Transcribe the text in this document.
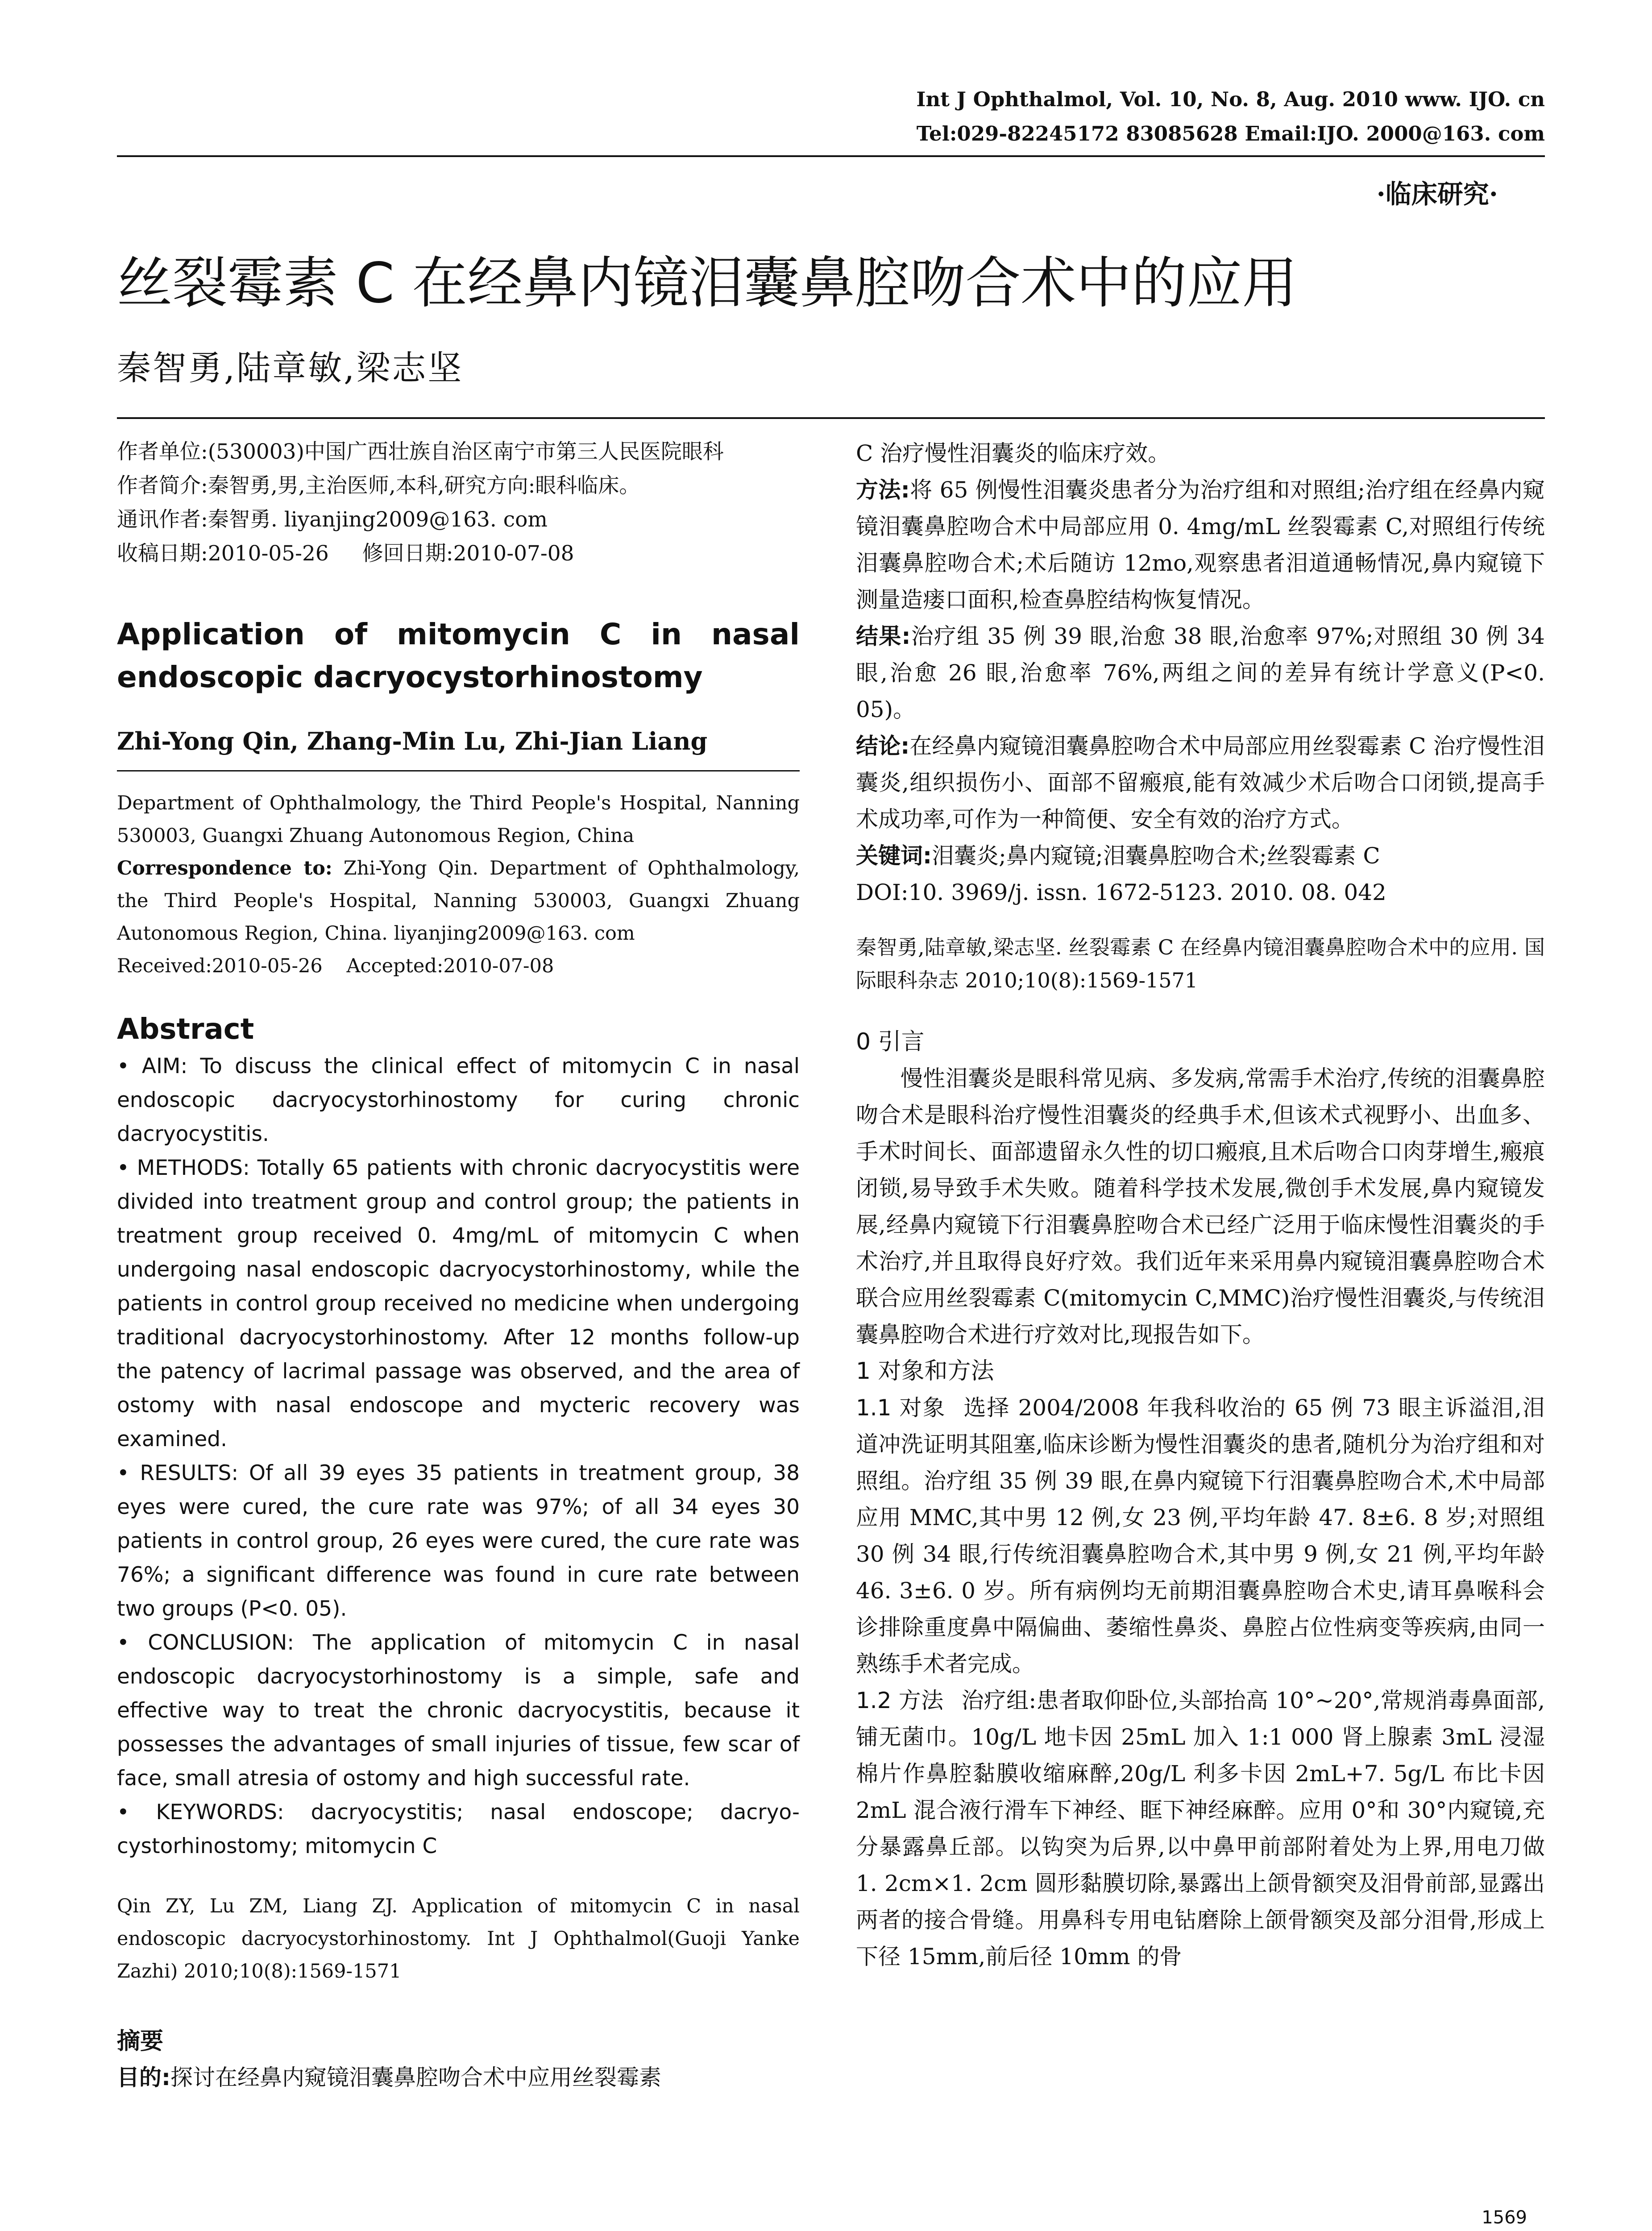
Int J Ophthalmol, Vol. 10, No. 8, Aug. 2010 www. IJO. cn
Tel:029-82245172 83085628 Email:IJO. 2000@163. com
·临床研究·
丝裂霉素 C 在经鼻内镜泪囊鼻腔吻合术中的应用
秦智勇,陆章敏,梁志坚

作者单位:(530003)中国广西壮族自治区南宁市第三人民医院眼科

作者简介:秦智勇,男,主治医师,本科,研究方向:眼科临床。

通讯作者:秦智勇. liyanjing2009@163. com

收稿日期:2010-05-26 修回日期:2010-07-08

Application of mitomycin C in nasal endoscopic dacryocystorhinostomy
Zhi-Yong Qin, Zhang-Min Lu, Zhi-Jian Liang
Department of Ophthalmology, the Third People's Hospital, Nanning 530003, Guangxi Zhuang Autonomous Region, China
Correspondence to: Zhi-Yong Qin. Department of Ophthalmology, the Third People's Hospital, Nanning 530003, Guangxi Zhuang Autonomous Region, China. liyanjing2009@163. com
Received:2010-05-26 Accepted:2010-07-08
Abstract

• AIM: To discuss the clinical effect of mitomycin C in nasal endoscopic dacryocystorhinostomy for curing chronic dacryocystitis.

• METHODS: Totally 65 patients with chronic dacryocystitis were divided into treatment group and control group; the patients in treatment group received 0. 4mg/mL of mitomycin C when undergoing nasal endoscopic dacryocystorhinostomy, while the patients in control group received no medicine when undergoing traditional dacryocystorhinostomy. After 12 months follow-up the patency of lacrimal passage was observed, and the area of ostomy with nasal endoscope and mycteric recovery was examined.

• RESULTS: Of all 39 eyes 35 patients in treatment group, 38 eyes were cured, the cure rate was 97%; of all 34 eyes 30 patients in control group, 26 eyes were cured, the cure rate was 76%; a significant difference was found in cure rate between two groups (P<0. 05).

• CONCLUSION: The application of mitomycin C in nasal endoscopic dacryocystorhinostomy is a simple, safe and effective way to treat the chronic dacryocystitis, because it possesses the advantages of small injuries of tissue, few scar of face, small atresia of ostomy and high successful rate.

• KEYWORDS: dacryocystitis; nasal endoscope; dacryo-cystorhinostomy; mitomycin C

Qin ZY, Lu ZM, Liang ZJ. Application of mitomycin C in nasal endoscopic dacryocystorhinostomy. Int J Ophthalmol(Guoji Yanke Zazhi) 2010;10(8):1569-1571
摘要

目的:探讨在经鼻内窥镜泪囊鼻腔吻合术中应用丝裂霉素

C 治疗慢性泪囊炎的临床疗效。

方法:将 65 例慢性泪囊炎患者分为治疗组和对照组;治疗组在经鼻内窥镜泪囊鼻腔吻合术中局部应用 0. 4mg/mL 丝裂霉素 C,对照组行传统泪囊鼻腔吻合术;术后随访 12mo,观察患者泪道通畅情况,鼻内窥镜下测量造瘘口面积,检查鼻腔结构恢复情况。

结果:治疗组 35 例 39 眼,治愈 38 眼,治愈率 97%;对照组 30 例 34 眼,治愈 26 眼,治愈率 76%,两组之间的差异有统计学意义(P<0. 05)。

结论:在经鼻内窥镜泪囊鼻腔吻合术中局部应用丝裂霉素 C 治疗慢性泪囊炎,组织损伤小、面部不留瘢痕,能有效减少术后吻合口闭锁,提高手术成功率,可作为一种简便、安全有效的治疗方式。

关键词:泪囊炎;鼻内窥镜;泪囊鼻腔吻合术;丝裂霉素 C

DOI:10. 3969/j. issn. 1672-5123. 2010. 08. 042

秦智勇,陆章敏,梁志坚. 丝裂霉素 C 在经鼻内镜泪囊鼻腔吻合术中的应用. 国际眼科杂志 2010;10(8):1569-1571
0 引言

慢性泪囊炎是眼科常见病、多发病,常需手术治疗,传统的泪囊鼻腔吻合术是眼科治疗慢性泪囊炎的经典手术,但该术式视野小、出血多、手术时间长、面部遗留永久性的切口瘢痕,且术后吻合口肉芽增生,瘢痕闭锁,易导致手术失败。随着科学技术发展,微创手术发展,鼻内窥镜发展,经鼻内窥镜下行泪囊鼻腔吻合术已经广泛用于临床慢性泪囊炎的手术治疗,并且取得良好疗效。我们近年来采用鼻内窥镜泪囊鼻腔吻合术联合应用丝裂霉素 C(mitomycin C,MMC)治疗慢性泪囊炎,与传统泪囊鼻腔吻合术进行疗效对比,现报告如下。

1 对象和方法

1.1 对象 选择 2004/2008 年我科收治的 65 例 73 眼主诉溢泪,泪道冲洗证明其阻塞,临床诊断为慢性泪囊炎的患者,随机分为治疗组和对照组。治疗组 35 例 39 眼,在鼻内窥镜下行泪囊鼻腔吻合术,术中局部应用 MMC,其中男 12 例,女 23 例,平均年龄 47. 8±6. 8 岁;对照组 30 例 34 眼,行传统泪囊鼻腔吻合术,其中男 9 例,女 21 例,平均年龄 46. 3±6. 0 岁。所有病例均无前期泪囊鼻腔吻合术史,请耳鼻喉科会诊排除重度鼻中隔偏曲、萎缩性鼻炎、鼻腔占位性病变等疾病,由同一熟练手术者完成。

1.2 方法 治疗组:患者取仰卧位,头部抬高 10°~20°,常规消毒鼻面部,铺无菌巾。10g/L 地卡因 25mL 加入 1:1 000 肾上腺素 3mL 浸湿棉片作鼻腔黏膜收缩麻醉,20g/L 利多卡因 2mL+7. 5g/L 布比卡因 2mL 混合液行滑车下神经、眶下神经麻醉。应用 0°和 30°内窥镜,充分暴露鼻丘部。以钩突为后界,以中鼻甲前部附着处为上界,用电刀做 1. 2cm×1. 2cm 圆形黏膜切除,暴露出上颌骨额突及泪骨前部,显露出两者的接合骨缝。用鼻科专用电钻磨除上颌骨额突及部分泪骨,形成上下径 15mm,前后径 10mm 的骨

1569
